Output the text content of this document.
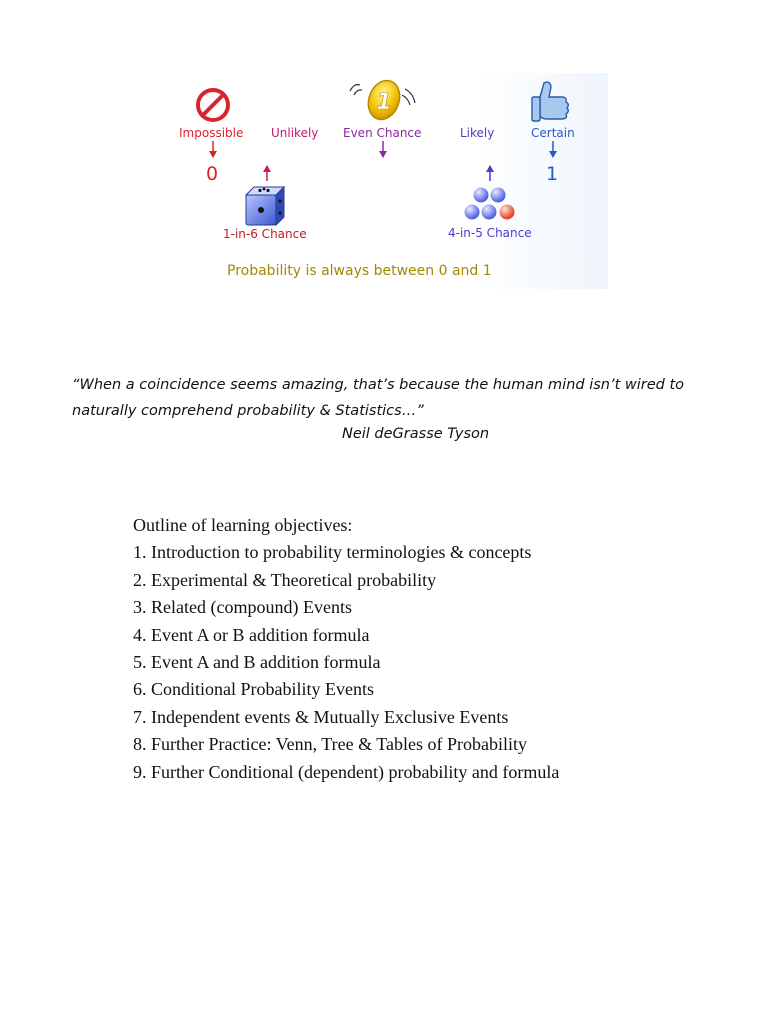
1
Impossible Unlikely Even Chance	Likely	Certain
0	1
1-in-6 Chance	4-in-5 Chance
Probability is always between 0 and 1
“When a coincidence seems amazing, that’s because the human mind isn’t wired to naturally comprehend probability & Statistics…”
Neil deGrasse Tyson
Outline of learning objectives:
1. Introduction to probability terminologies & concepts
2. Experimental & Theoretical probability
3. Related (compound) Events
4. Event A or B addition formula
5. Event A and B addition formula
6. Conditional Probability Events
7. Independent events & Mutually Exclusive Events
8. Further Practice: Venn, Tree & Tables of Probability
9. Further Conditional (dependent) probability and formula
